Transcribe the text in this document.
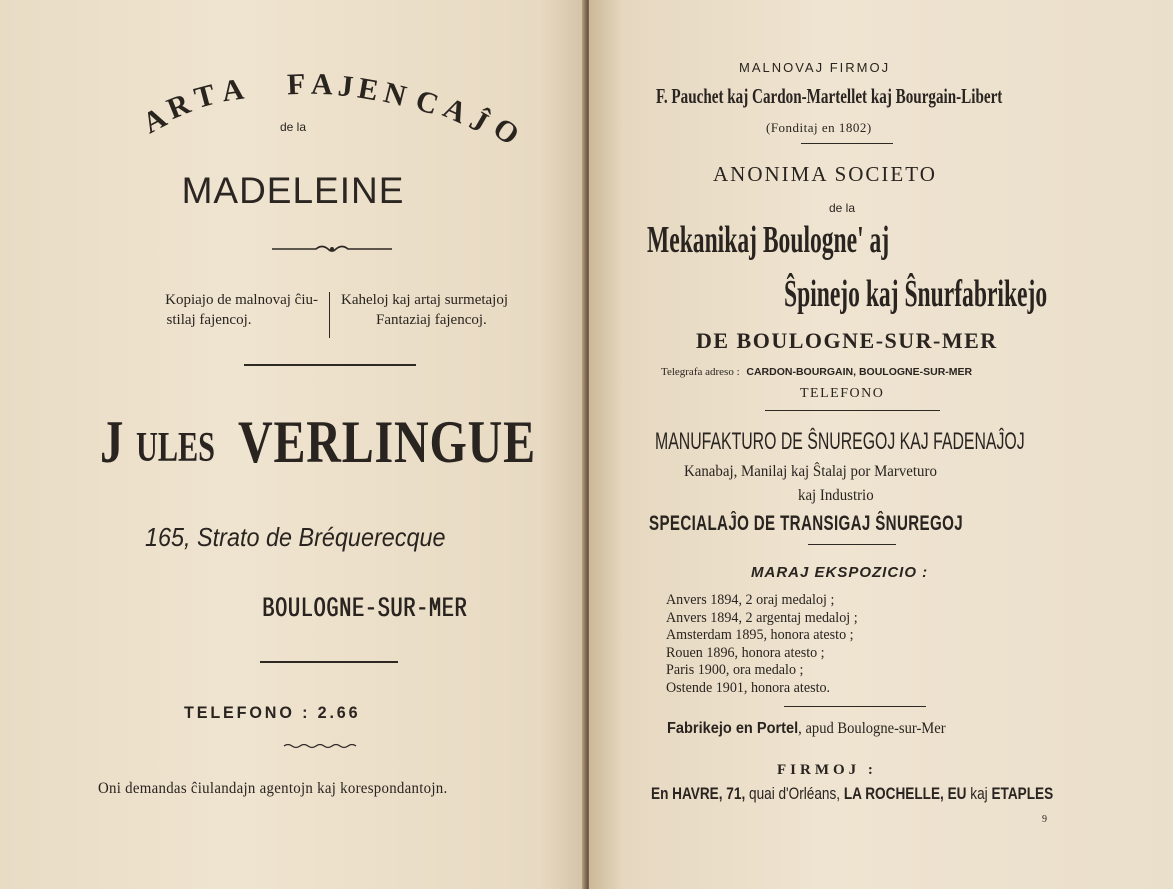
A
R
T A F A J E N C
A
Ĵ
O
de la
MADELEINE
Kopiajo de malnovaj ĉiu-
stilaj fajencoj.
Kaheloj kaj artaj surmetajoj
Fantaziaj fajencoj.
J ULES VERLINGUE
165, Strato de Bréquerecque
BOULOGNE-SUR-MER
TELEFONO : 2.66
Oni demandas ĉiulandajn agentojn kaj korespondantojn.
MALNOVAJ FIRMOJ
F. Pauchet kaj Cardon-Martellet kaj Bourgain-Libert
(Fonditaj en 1802)
ANONIMA SOCIETO
de la
Mekanikaj Boulogne' aj
Ŝpinejo kaj Ŝnurfabrikejo
DE BOULOGNE-SUR-MER
Telegrafa adreso : CARDON-BOURGAIN, BOULOGNE-SUR-MER
TELEFONO
MANUFAKTURO DE ŜNUREGOJ KAJ FADENAĴOJ
Kanabaj, Manilaj kaj Ŝtalaj por Marveturo
kaj Industrio
SPECIALAĴO DE TRANSIGAJ ŜNUREGOJ
MARAJ EKSPOZICIO :
Anvers 1894, 2 oraj medaloj ;
Anvers 1894, 2 argentaj medaloj ;
Amsterdam 1895, honora atesto ;
Rouen 1896, honora atesto ;
Paris 1900, ora medalo ;
Ostende 1901, honora atesto.
Fabrikejo en Portel, apud Boulogne-sur-Mer
FIRMOJ :
En HAVRE, 71, quai d'Orléans, LA ROCHELLE, EU kaj ETAPLES
9
